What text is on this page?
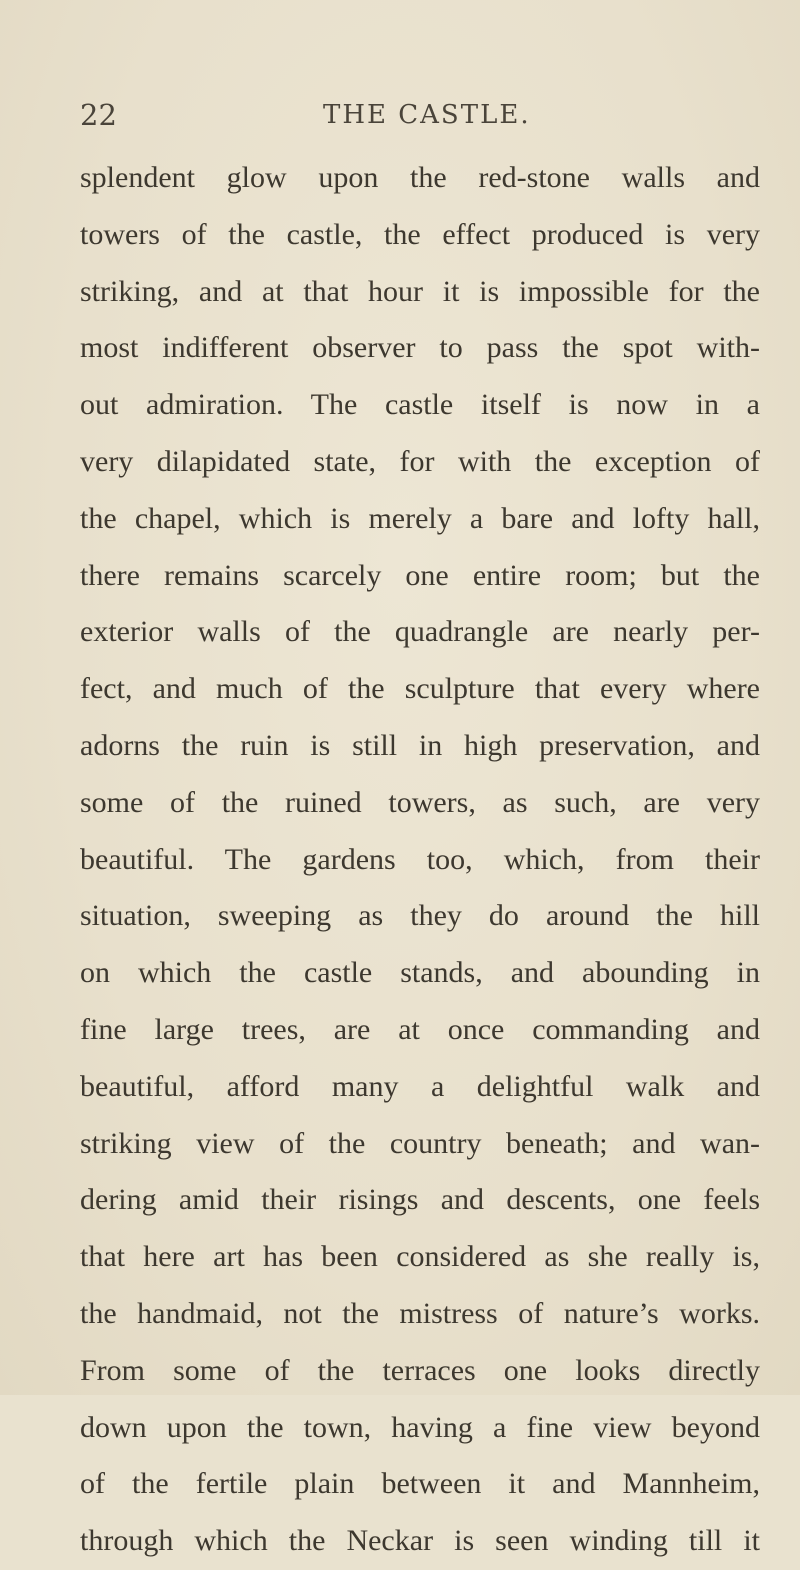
22	THE CASTLE.
splendent glow upon the red-stone walls and
towers of the castle, the effect produced is very
striking, and at that hour it is impossible for the
most indifferent observer to pass the spot with-
out admiration. The castle itself is now in a
very dilapidated state, for with the exception of
the chapel, which is merely a bare and lofty hall,
there remains scarcely one entire room; but the
exterior walls of the quadrangle are nearly per-
fect, and much of the sculpture that every where
adorns the ruin is still in high preservation, and
some of the ruined towers, as such, are very
beautiful. The gardens too, which, from their
situation, sweeping as they do around the hill
on which the castle stands, and abounding in
fine large trees, are at once commanding and
beautiful, afford many a delightful walk and
striking view of the country beneath; and wan-
dering amid their risings and descents, one feels
that here art has been considered as she really is,
the handmaid, not the mistress of nature’s works.
From some of the terraces one looks directly
down upon the town, having a fine view beyond
of the fertile plain between it and Mannheim,
through which the Neckar is seen winding till it
